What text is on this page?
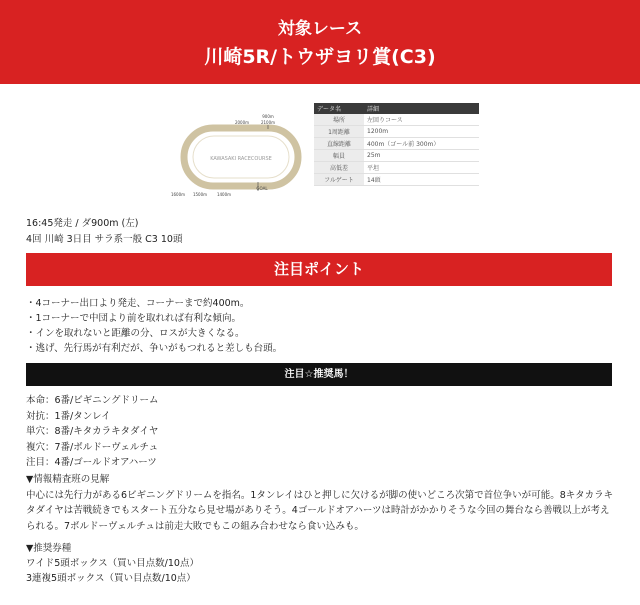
対象レース
川崎5R/トウザヨリ賞(C3)
KAWASAKI RACECOURSE
2000m
900m
2100m
1600m 1500m 1400m
GOAL
データ名	詳細
場所	左回りコース
1周距離	1200m
直線距離	400m（ゴール前 300m）
幅員	25m
高低差	平坦
フルゲート	14頭
16:45発走 / ダ900m (左)
4回 川崎 3日目 サラ系一般 C3 10頭
注目ポイント
・4コーナー出口より発走、コーナーまで約400m。
・1コーナーで中団より前を取れれば有利な傾向。
・インを取れないと距離の分、ロスが大きくなる。
・逃げ、先行馬が有利だが、争いがもつれると差しも台頭。
注目☆推奨馬！
本命：6番/ビギニングドリーム
対抗：1番/タンレイ
単穴：8番/キタカラキタダイヤ
複穴：7番/ボルドーヴェルチュ
注目：4番/ゴールドオアハーツ
▼情報精査班の見解

中心には先行力がある6ビギニングドリームを指名。1タンレイはひと押しに欠けるが脚の使いどころ次第で首位争いが可能。8キタカラキタダイヤは苦戦続きでもスタート五分なら見せ場がありそう。4ゴールドオアハーツは時計がかかりそうな今回の舞台なら善戦以上が考えられる。7ボルドーヴェルチュは前走大敗でもこの組み合わせなら食い込みも。

▼推奨券種
ワイド5頭ボックス（買い目点数/10点）
3連複5頭ボックス（買い目点数/10点）
